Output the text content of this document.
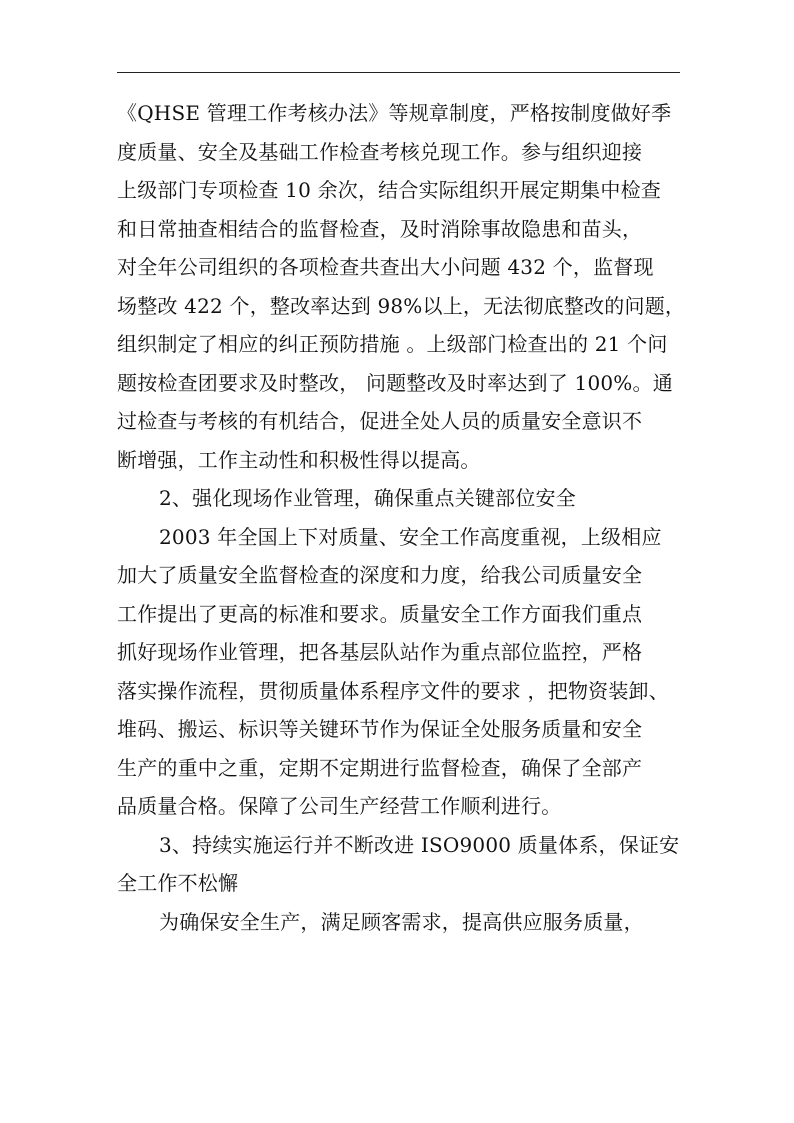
《QHSE 管理工作考核办法》等规章制度，严格按制度做好季
度质量、安全及基础工作检查考核兑现工作。参与组织迎接
上级部门专项检查 10 余次，结合实际组织开展定期集中检查
和日常抽查相结合的监督检查，及时消除事故隐患和苗头，
对全年公司组织的各项检查共查出大小问题 432 个，监督现
场整改 422 个，整改率达到 98%以上，无法彻底整改的问题，
组织制定了相应的纠正预防措施 。上级部门检查出的 21 个问
题按检查团要求及时整改， 问题整改及时率达到了 100%。通
过检查与考核的有机结合，促进全处人员的质量安全意识不
断增强，工作主动性和积极性得以提高。
2、强化现场作业管理，确保重点关键部位安全
2003 年全国上下对质量、安全工作高度重视，上级相应
加大了质量安全监督检查的深度和力度，给我公司质量安全
工作提出了更高的标准和要求。质量安全工作方面我们重点
抓好现场作业管理，把各基层队站作为重点部位监控，严格
落实操作流程，贯彻质量体系程序文件的要求 ，把物资装卸、
堆码、搬运、标识等关键环节作为保证全处服务质量和安全
生产的重中之重，定期不定期进行监督检查，确保了全部产
品质量合格。保障了公司生产经营工作顺利进行。
3、持续实施运行并不断改进 ISO9000 质量体系，保证安
全工作不松懈
为确保安全生产，满足顾客需求，提高供应服务质量，
